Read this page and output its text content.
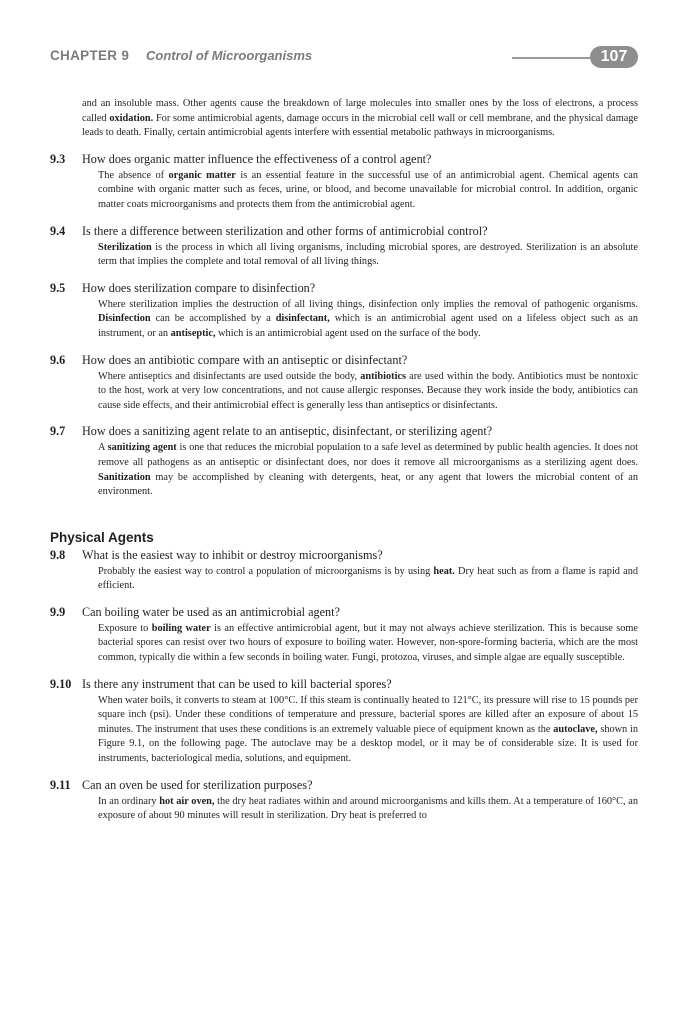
CHAPTER 9 Control of Microorganisms	107

and an insoluble mass. Other agents cause the breakdown of large molecules into smaller ones by the loss of electrons, a process called oxidation. For some antimicrobial agents, damage occurs in the microbial cell wall or cell membrane, and the physical damage leads to death. Finally, certain antimicrobial agents interfere with essential metabolic pathways in microorganisms.

9.3	How does organic matter influence the effectiveness of a control agent?

The absence of organic matter is an essential feature in the successful use of an antimicrobial agent. Chemical agents can combine with organic matter such as feces, urine, or blood, and become unavailable for microbial control. In addition, organic matter coats microorganisms and protects them from the antimicrobial agent.

9.4	Is there a difference between sterilization and other forms of antimicrobial control?

Sterilization is the process in which all living organisms, including microbial spores, are destroyed. Sterilization is an absolute term that implies the complete and total removal of all living things.

9.5	How does sterilization compare to disinfection?

Where sterilization implies the destruction of all living things, disinfection only implies the removal of pathogenic organisms. Disinfection can be accomplished by a disinfectant, which is an antimicrobial agent used on a lifeless object such as an instrument, or an antiseptic, which is an antimicrobial agent used on the surface of the body.

9.6	How does an antibiotic compare with an antiseptic or disinfectant?

Where antiseptics and disinfectants are used outside the body, antibiotics are used within the body. Antibiotics must be nontoxic to the host, work at very low concentrations, and not cause allergic responses. Because they work inside the body, antibiotics can cause side effects, and their antimicrobial effect is generally less than antiseptics or disinfectants.

9.7	How does a sanitizing agent relate to an antiseptic, disinfectant, or sterilizing agent?

A sanitizing agent is one that reduces the microbial population to a safe level as determined by public health agencies. It does not remove all pathogens as an antiseptic or disinfectant does, nor does it remove all microorganisms as a sterilizing agent does. Sanitization may be accomplished by cleaning with detergents, heat, or any agent that lowers the microbial content of an environment.

Physical Agents
9.8	What is the easiest way to inhibit or destroy microorganisms?

Probably the easiest way to control a population of microorganisms is by using heat. Dry heat such as from a flame is rapid and efficient.

9.9	Can boiling water be used as an antimicrobial agent?

Exposure to boiling water is an effective antimicrobial agent, but it may not always achieve sterilization. This is because some bacterial spores can resist over two hours of exposure to boiling water. However, non-spore-forming bacteria, which are the most common, typically die within a few seconds in boiling water. Fungi, protozoa, viruses, and simple algae are equally susceptible.

9.10 Is there any instrument that can be used to kill bacterial spores?

When water boils, it converts to steam at 100°C. If this steam is continually heated to 121°C, its pressure will rise to 15 pounds per square inch (psi). Under these conditions of temperature and pressure, bacterial spores are killed after an exposure of about 15 minutes. The instrument that uses these conditions is an extremely valuable piece of equipment known as the autoclave, shown in Figure 9.1, on the following page. The autoclave may be a desktop model, or it may be of considerable size. It is used for instruments, bacteriological media, solutions, and equipment.

9.11 Can an oven be used for sterilization purposes?

In an ordinary hot air oven, the dry heat radiates within and around microorganisms and kills them. At a temperature of 160°C, an exposure of about 90 minutes will result in sterilization. Dry heat is preferred to
